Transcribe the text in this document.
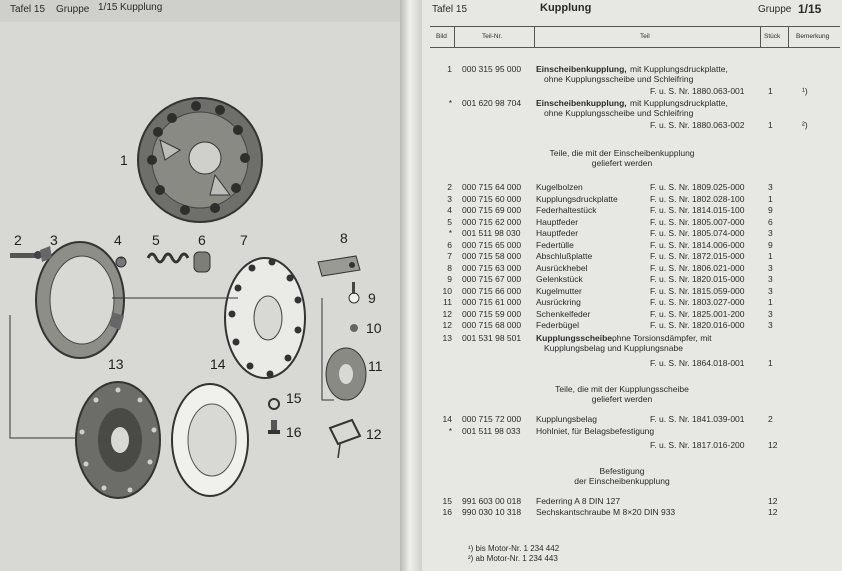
Tafel 15 Gruppe 1/15 Kupplung
1
2 3	4 5	6 7	8
9
10
11
12
13	14
15
16
Tafel 15	Kupplung	Gruppe 1/15
Bild	Teil-Nr.	Teil	Stück Bemerkung
1 000 315 95 000 Einscheibenkupplung, mit Kupplungsdruckplatte,
ohne Kupplungsscheibe und Schleifring
F. u. S. Nr. 1880.063-001	1	¹)
* 001 620 98 704 Einscheibenkupplung, mit Kupplungsdruckplatte,
ohne Kupplungsscheibe und Schleifring
F. u. S. Nr. 1880.063-002	1	²)
Teile, die mit der Einscheibenkupplung
geliefert werden
2 000 715 64 000 Kugelbolzen	F. u. S. Nr. 1809.025-000	3
3 000 715 60 000 Kupplungsdruckplatte	F. u. S. Nr. 1802.028-100	1
4 000 715 69 000 Federhaltestück	F. u. S. Nr. 1814.015-100	9
5 000 715 62 000 Hauptfeder	F. u. S. Nr. 1805.007-000	6
* 001 511 98 030 Hauptfeder	F. u. S. Nr. 1805.074-000	3
6 000 715 65 000 Federtülle	F. u. S. Nr. 1814.006-000	9
7 000 715 58 000 Abschlußplatte	F. u. S. Nr. 1872.015-000	1
8 000 715 63 000 Ausrückhebel	F. u. S. Nr. 1806.021-000	3
9 000 715 67 000 Gelenkstück	F. u. S. Nr. 1820.015-000	3
10 000 715 66 000 Kugelmutter	F. u. S. Nr. 1815.059-000	3
11 000 715 61 000 Ausrückring	F. u. S. Nr. 1803.027-000	1
12 000 715 59 000 Schenkelfeder	F. u. S. Nr. 1825.001-200	3
12 000 715 68 000 Federbügel	F. u. S. Nr. 1820.016-000	3
13 001 531 98 501 Kupplungsscheibe,
ohne Torsionsdämpfer, mit
Kupplungsbelag und Kupplungsnabe
F. u. S. Nr. 1864.018-001	1
Teile, die mit der Kupplungsscheibe
geliefert werden
14 000 715 72 000 Kupplungsbelag	F. u. S. Nr. 1841.039-001	2
* 001 511 98 033 Hohlniet, für Belagsbefestigung
F. u. S. Nr. 1817.016-200	12
Befestigung
der Einscheibenkupplung
15 991 603 00 018 Federring A 8 DIN 127	12
16 990 030 10 318 Sechskantschraube M 8×20 DIN 933	12
¹) bis Motor-Nr. 1 234 442
²) ab Motor-Nr. 1 234 443
